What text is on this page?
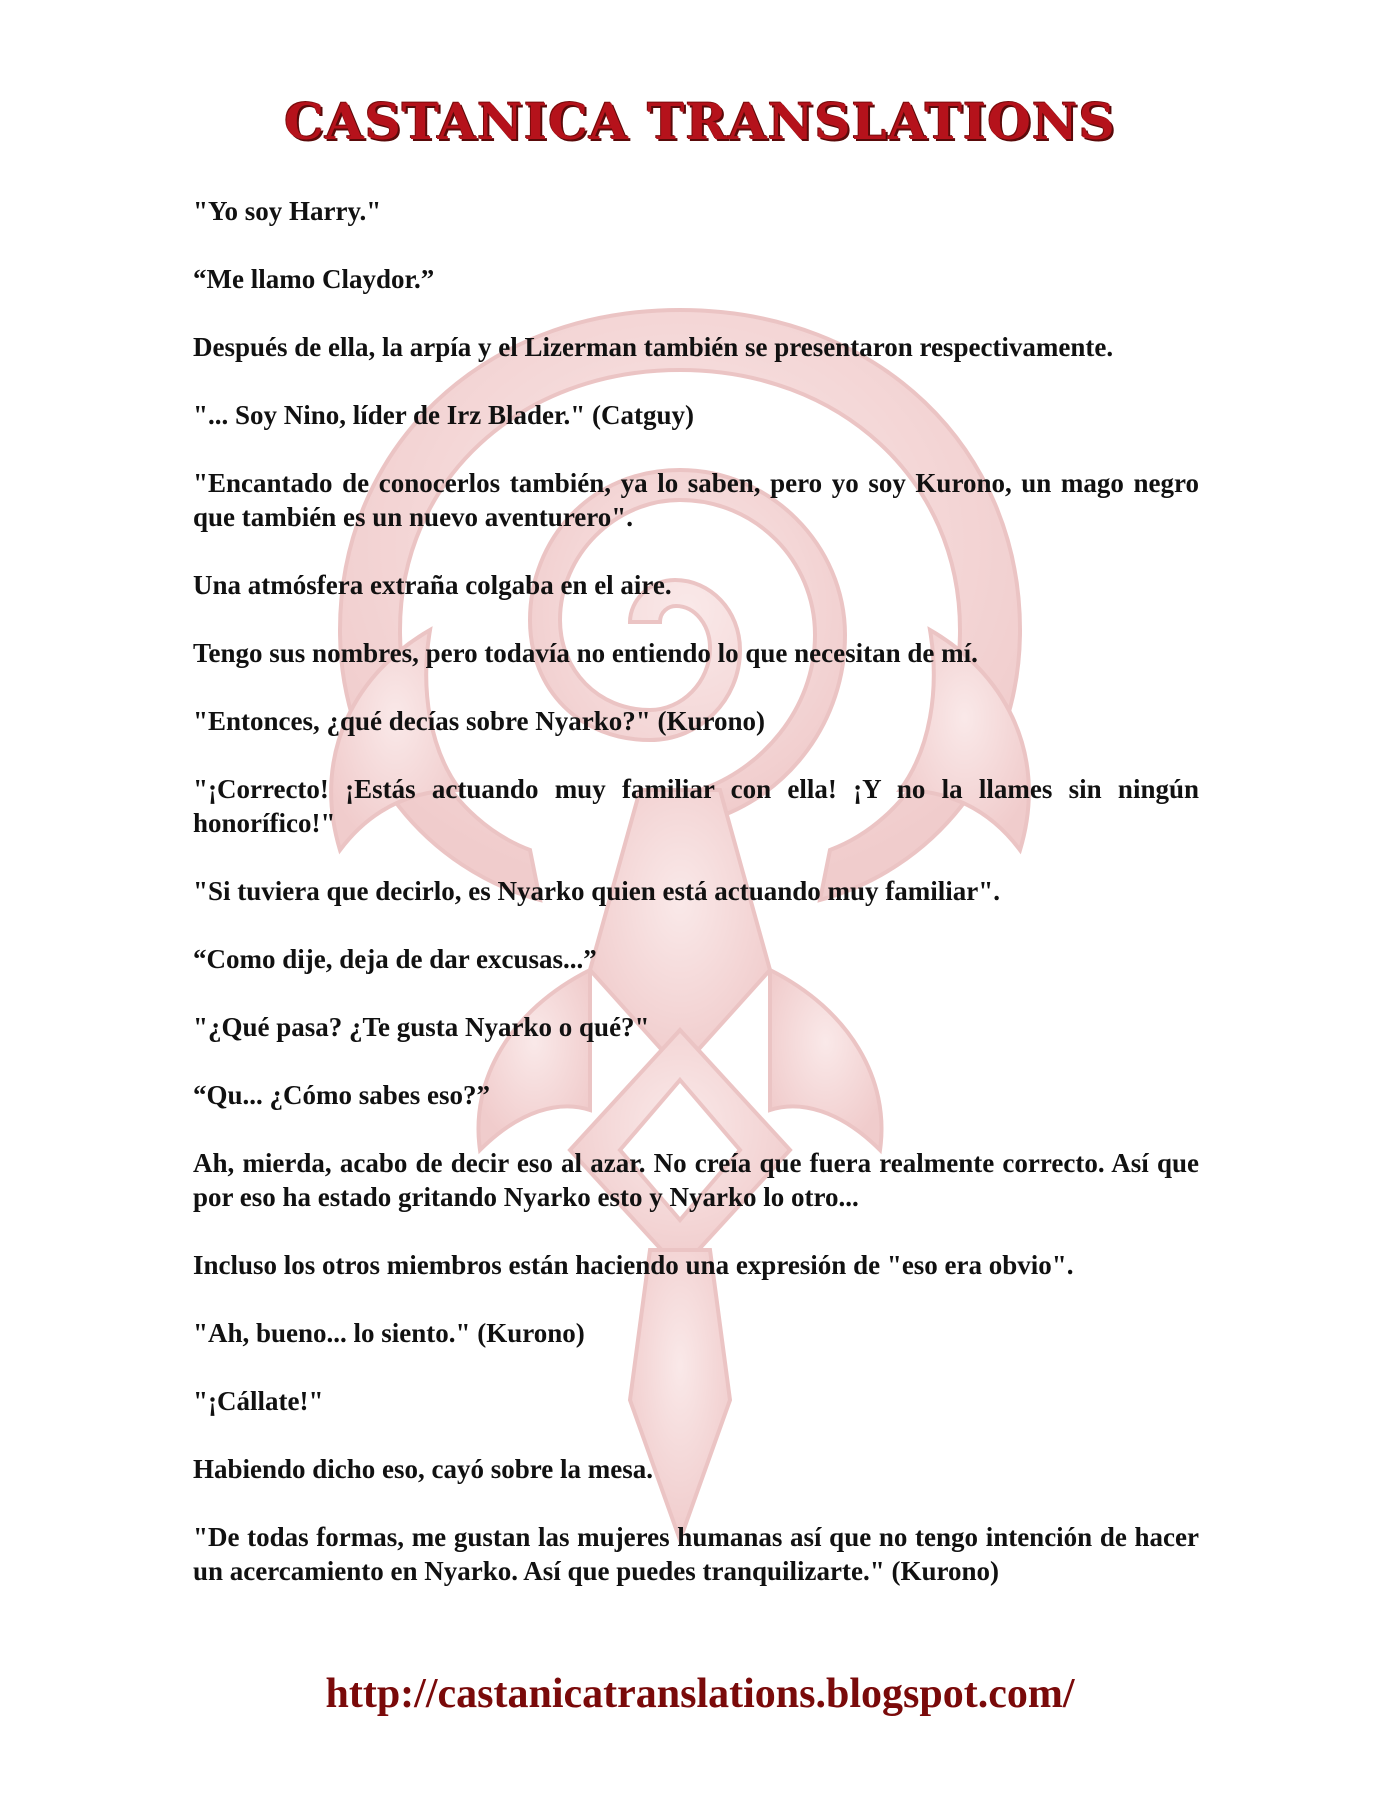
CASTANICA TRANSLATIONS

"Yo soy Harry."

“Me llamo Claydor.”

Después de ella, la arpía y el Lizerman también se presentaron respectivamente.

"... Soy Nino, líder de Irz Blader." (Catguy)

"Encantado de conocerlos también, ya lo saben, pero yo soy Kurono, un mago negro que también es un nuevo aventurero".

Una atmósfera extraña colgaba en el aire.

Tengo sus nombres, pero todavía no entiendo lo que necesitan de mí.

"Entonces, ¿qué decías sobre Nyarko?" (Kurono)

"¡Correcto! ¡Estás actuando muy familiar con ella! ¡Y no la llames sin ningún honorífico!"

"Si tuviera que decirlo, es Nyarko quien está actuando muy familiar".

“Como dije, deja de dar excusas...”

"¿Qué pasa? ¿Te gusta Nyarko o qué?"

“Qu... ¿Cómo sabes eso?”

Ah, mierda, acabo de decir eso al azar. No creía que fuera realmente correcto. Así que por eso ha estado gritando Nyarko esto y Nyarko lo otro...

Incluso los otros miembros están haciendo una expresión de "eso era obvio".

"Ah, bueno... lo siento." (Kurono)

"¡Cállate!"

Habiendo dicho eso, cayó sobre la mesa.

"De todas formas, me gustan las mujeres humanas así que no tengo intención de hacer un acercamiento en Nyarko. Así que puedes tranquilizarte." (Kurono)

http://castanicatranslations.blogspot.com/
